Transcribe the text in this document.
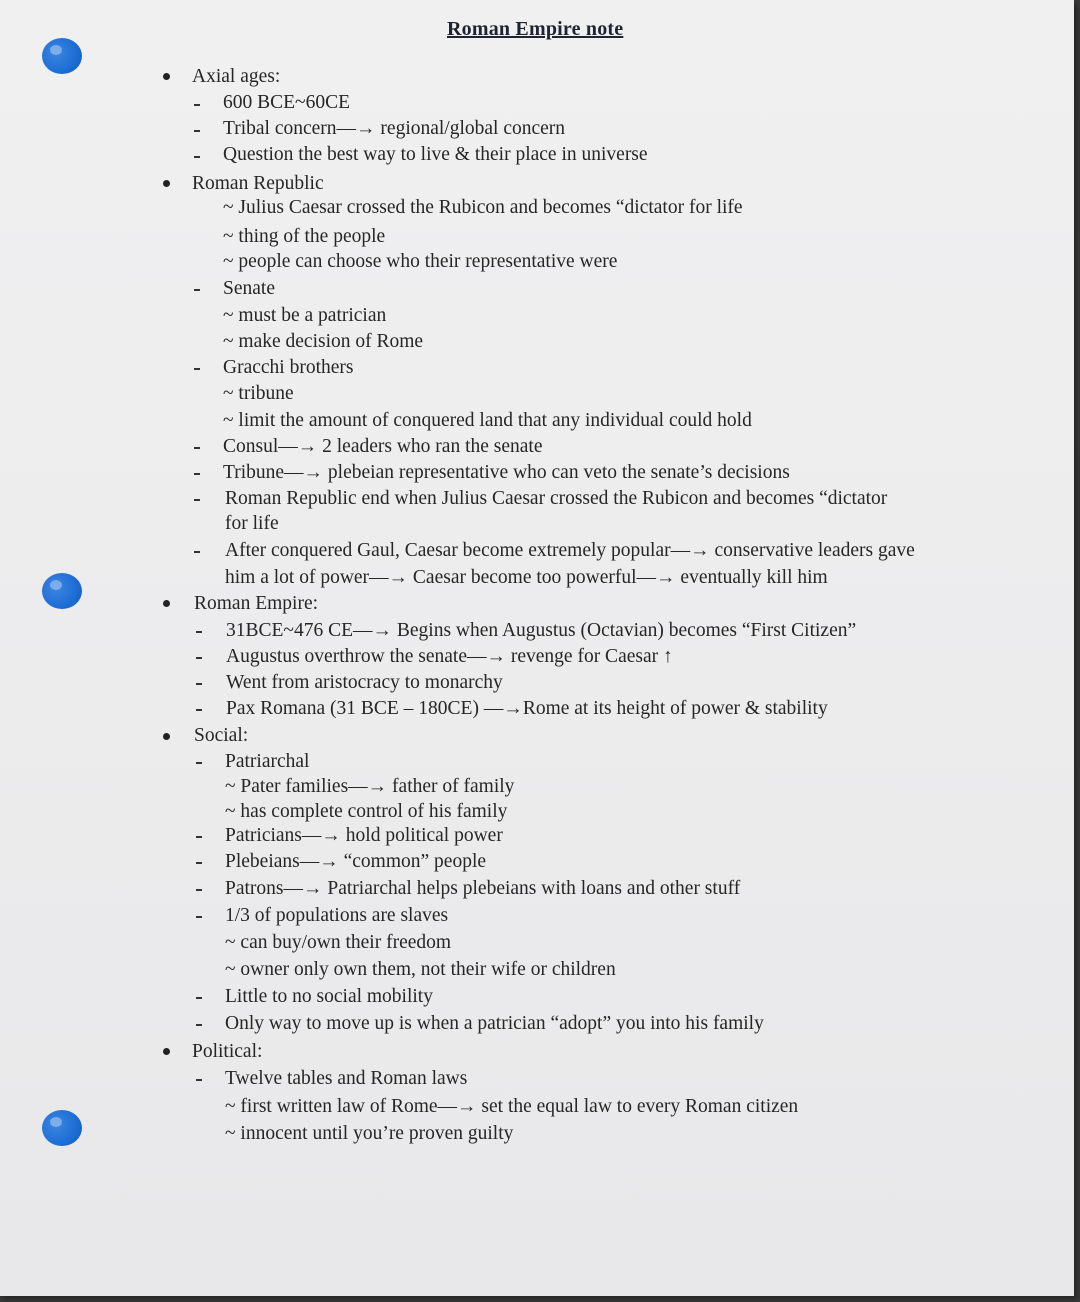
Roman Empire note
Axial ages:
600 BCE~60CE
Tribal concern—→ regional/global concern
Question the best way to live & their place in universe
Roman Republic
~ Julius Caesar crossed the Rubicon and becomes “dictator for life
~ thing of the people
~ people can choose who their representative were
Senate
~ must be a patrician
~ make decision of Rome
Gracchi brothers
~ tribune
~ limit the amount of conquered land that any individual could hold
Consul—→ 2 leaders who ran the senate
Tribune—→ plebeian representative who can veto the senate’s decisions
Roman Republic end when Julius Caesar crossed the Rubicon and becomes “dictator
for life
After conquered Gaul, Caesar become extremely popular—→ conservative leaders gave
him a lot of power—→ Caesar become too powerful—→ eventually kill him
Roman Empire:
31BCE~476 CE—→ Begins when Augustus (Octavian) becomes “First Citizen”
Augustus overthrow the senate—→ revenge for Caesar ↑
Went from aristocracy to monarchy
Pax Romana (31 BCE – 180CE) —→Rome at its height of power & stability
Social:
Patriarchal
~ Pater families—→ father of family
~ has complete control of his family
Patricians—→ hold political power
Plebeians—→ “common” people
Patrons—→ Patriarchal helps plebeians with loans and other stuff
1/3 of populations are slaves
~ can buy/own their freedom
~ owner only own them, not their wife or children
Little to no social mobility
Only way to move up is when a patrician “adopt” you into his family
Political:
Twelve tables and Roman laws
~ first written law of Rome—→ set the equal law to every Roman citizen
~ innocent until you’re proven guilty
